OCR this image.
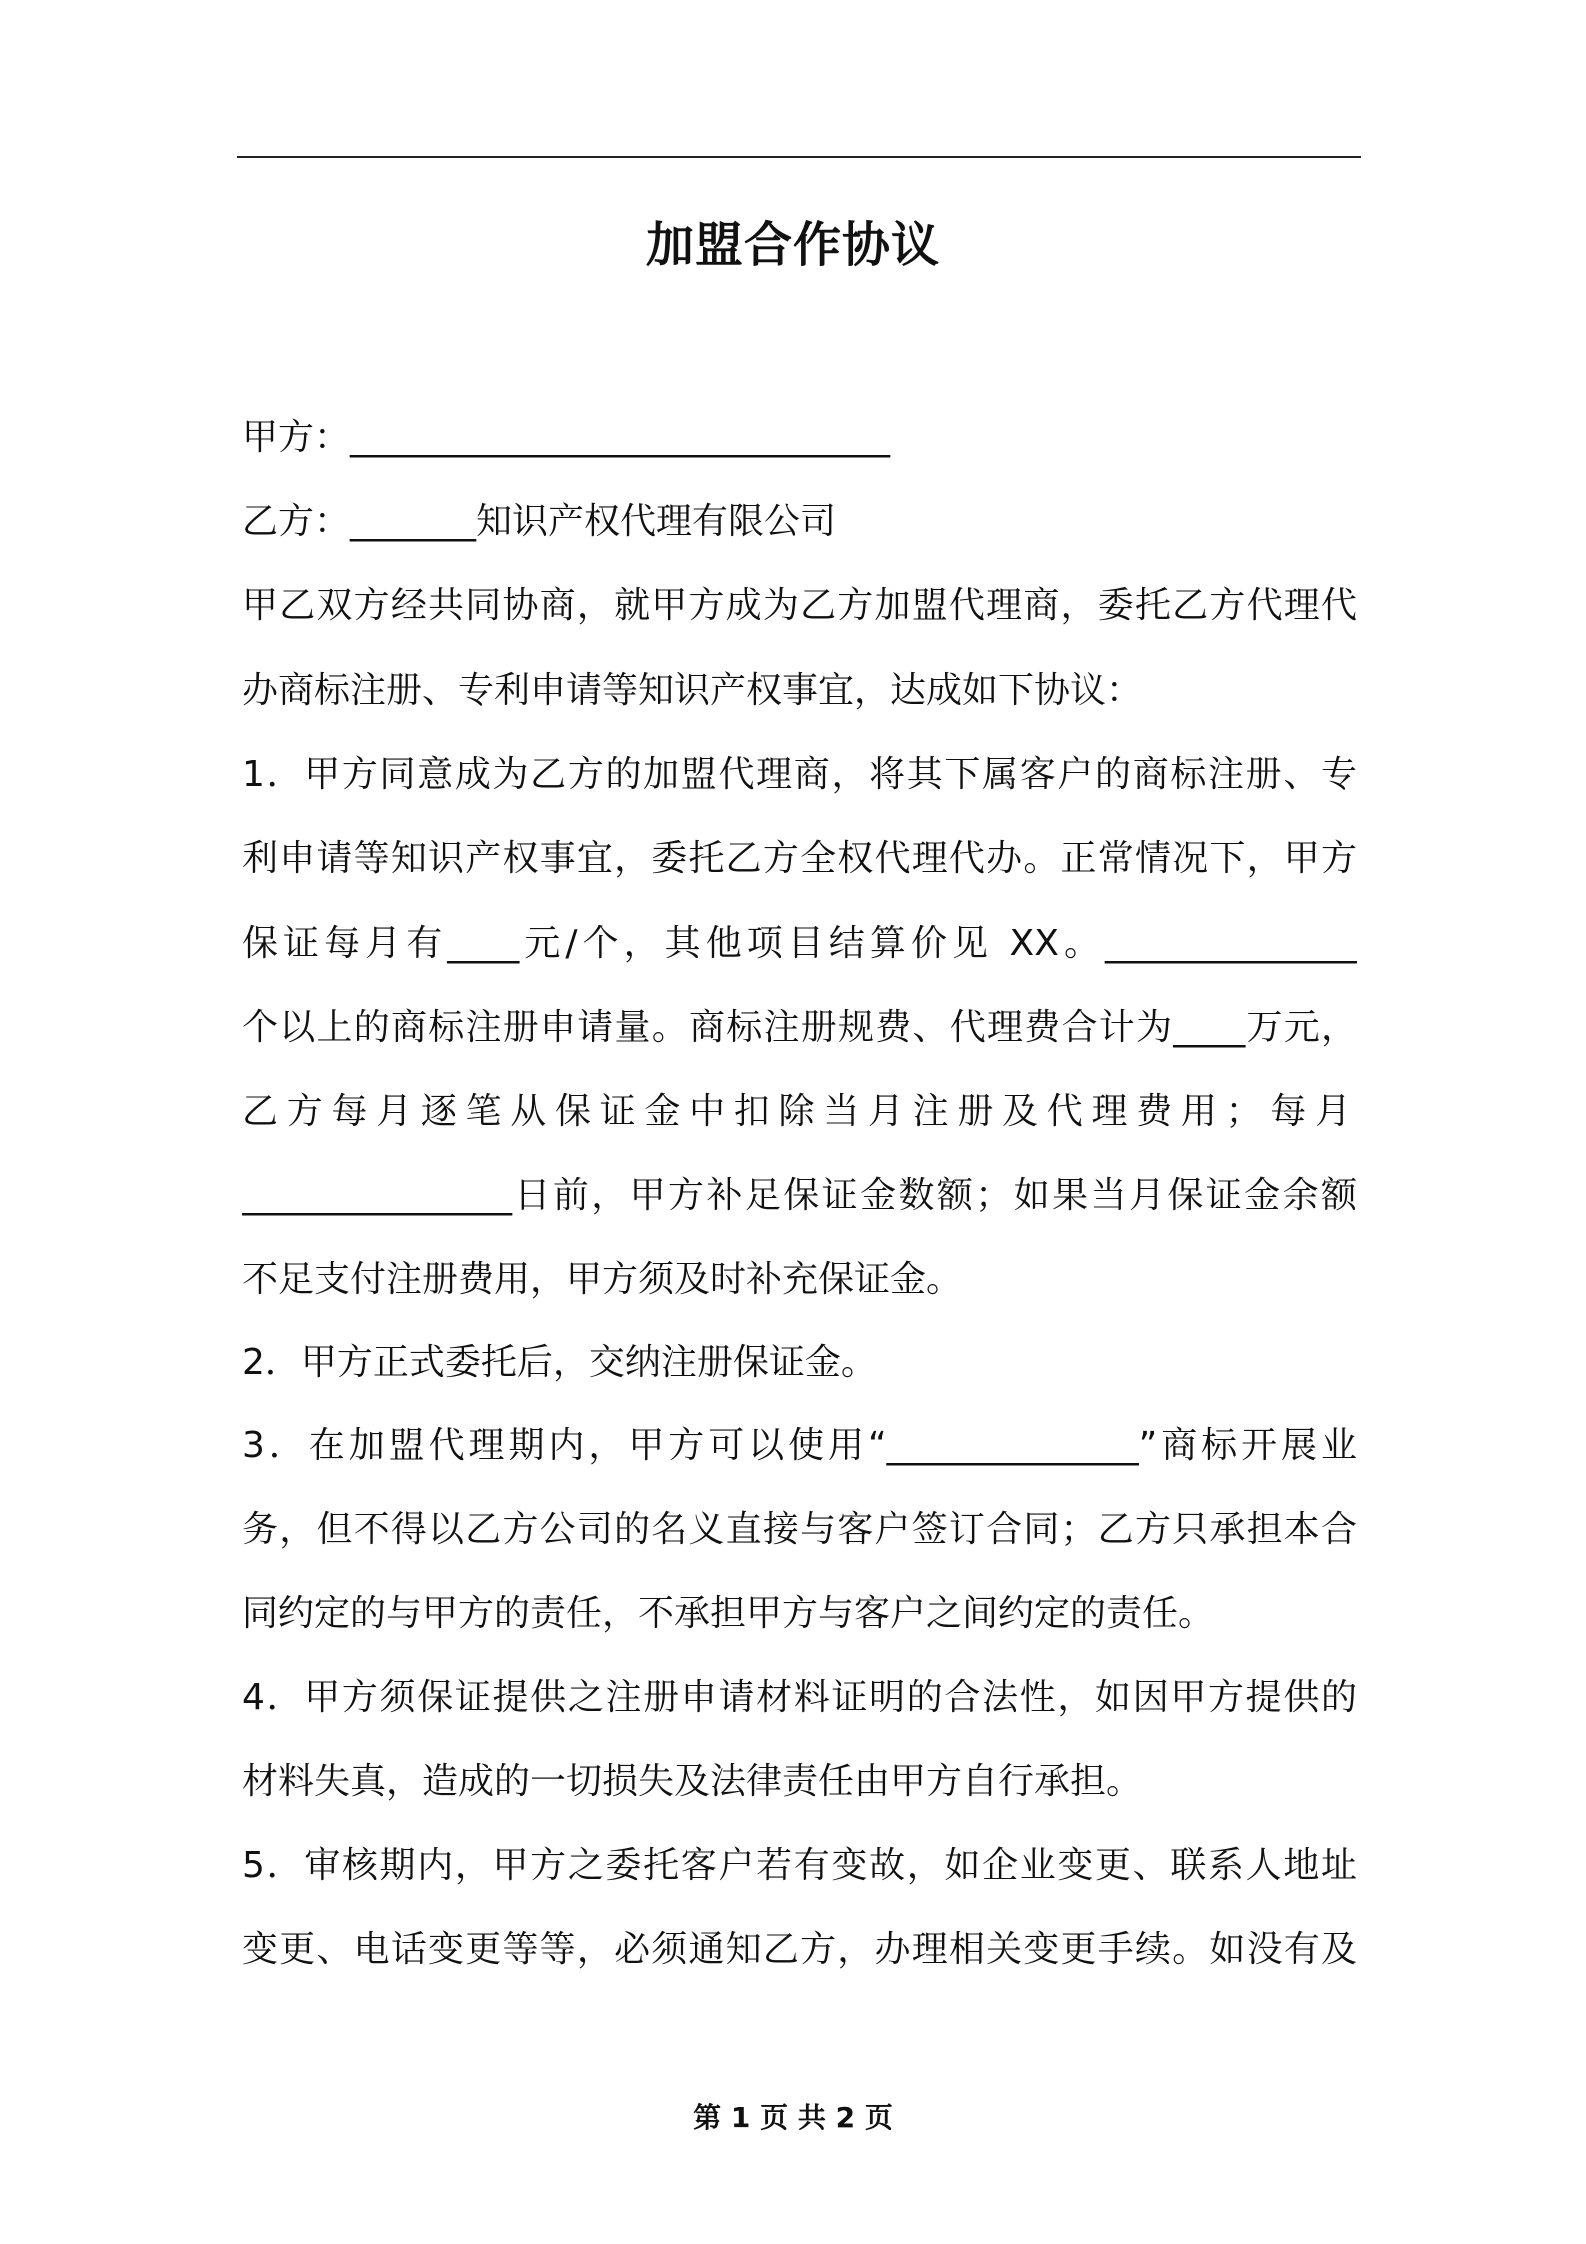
加盟合作协议
甲方：______________________________
乙方：_______知识产权代理有限公司
甲乙双方经共同协商，就甲方成为乙方加盟代理商，委托乙方代理代
办商标注册、专利申请等知识产权事宜，达成如下协议：
1．甲方同意成为乙方的加盟代理商，将其下属客户的商标注册、专
利申请等知识产权事宜，委托乙方全权代理代办。正常情况下，甲方
保证每月有____元/个，其他项目结算价见 XX。______________
个以上的商标注册申请量。商标注册规费、代理费合计为____万元，
乙方每月逐笔从保证金中扣除当月注册及代理费用；每月
_______________日前，甲方补足保证金数额；如果当月保证金余额
不足支付注册费用，甲方须及时补充保证金。
2．甲方正式委托后，交纳注册保证金。
3．在加盟代理期内，甲方可以使用“______________”商标开展业
务，但不得以乙方公司的名义直接与客户签订合同；乙方只承担本合
同约定的与甲方的责任，不承担甲方与客户之间约定的责任。
4．甲方须保证提供之注册申请材料证明的合法性，如因甲方提供的
材料失真，造成的一切损失及法律责任由甲方自行承担。
5．审核期内，甲方之委托客户若有变故，如企业变更、联系人地址
变更、电话变更等等，必须通知乙方，办理相关变更手续。如没有及
第 1 页 共 2 页
